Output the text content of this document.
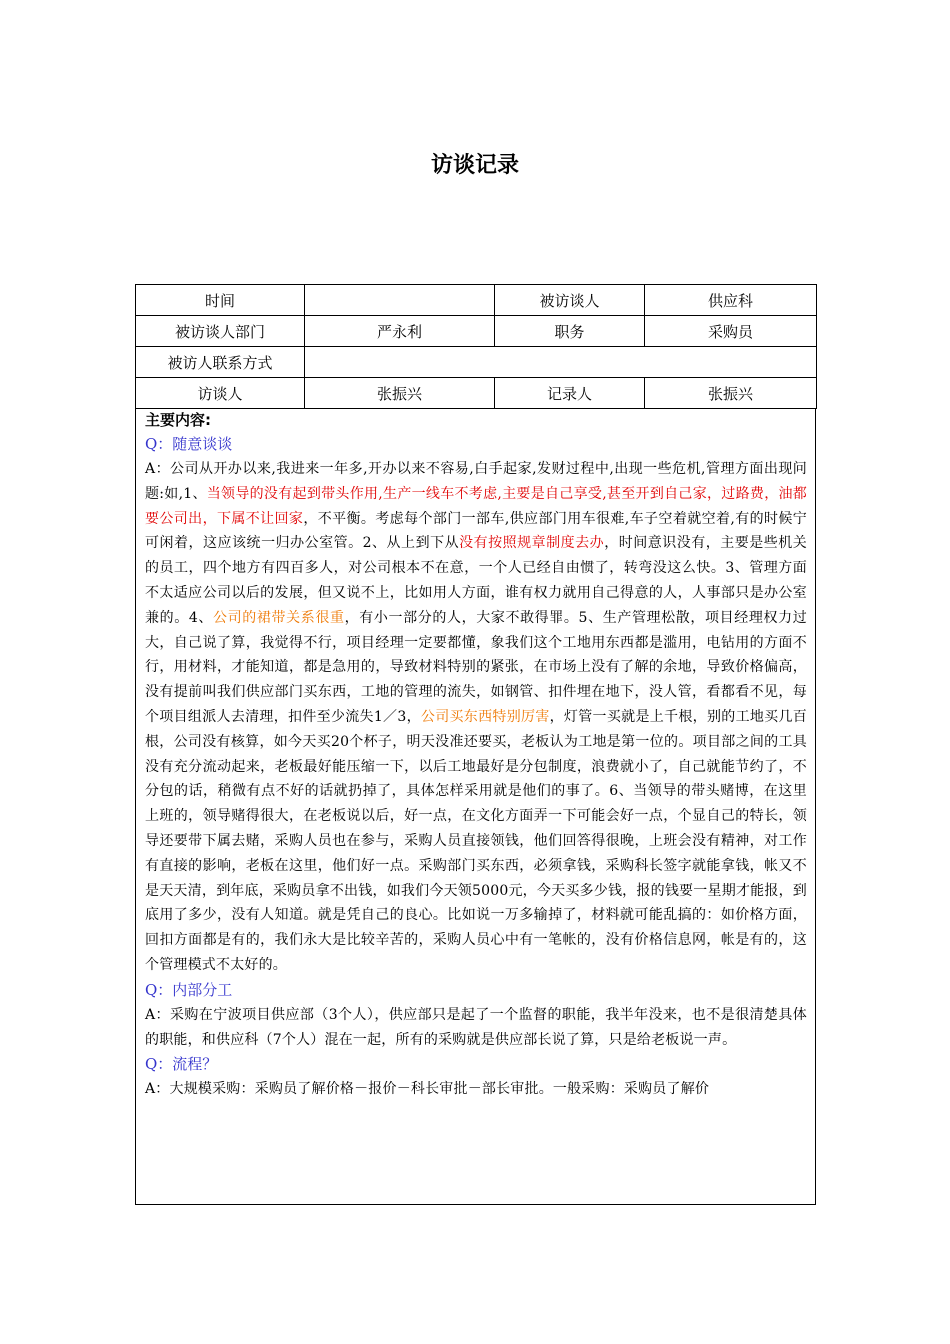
访谈记录
时间		被访谈人	供应科
被访谈人部门	严永利	职务	采购员
被访人联系方式			
访谈人	张振兴	记录人	张振兴
主要内容:
Q：随意谈谈
A：公司从开办以来,我进来一年多,开办以来不容易,白手起家,发财过程中,出现一些危机,管理方面出现问题:如,1、当领导的没有起到带头作用,生产一线车不考虑,主要是自己享受,甚至开到自己家，过路费，油都要公司出，下属不让回家，不平衡。考虑每个部门一部车,供应部门用车很难,车子空着就空着,有的时候宁可闲着，这应该统一归办公室管。2、从上到下从没有按照规章制度去办，时间意识没有，主要是些机关的员工，四个地方有四百多人，对公司根本不在意，一个人已经自由惯了，转弯没这么快。3、管理方面不太适应公司以后的发展，但又说不上，比如用人方面，谁有权力就用自己得意的人，人事部只是办公室兼的。4、公司的裙带关系很重，有小一部分的人，大家不敢得罪。5、生产管理松散，项目经理权力过大，自己说了算，我觉得不行，项目经理一定要都懂，象我们这个工地用东西都是滥用，电钻用的方面不行，用材料，才能知道，都是急用的，导致材料特别的紧张，在市场上没有了解的余地，导致价格偏高，没有提前叫我们供应部门买东西，工地的管理的流失，如钢管、扣件埋在地下，没人管，看都看不见，每个项目组派人去清理，扣件至少流失1／3，公司买东西特别厉害，灯管一买就是上千根，别的工地买几百根，公司没有核算，如今天买20个杯子，明天没准还要买，老板认为工地是第一位的。项目部之间的工具没有充分流动起来，老板最好能压缩一下，以后工地最好是分包制度，浪费就小了，自己就能节约了，不分包的话，稍微有点不好的话就扔掉了，具体怎样采用就是他们的事了。6、当领导的带头赌博，在这里上班的，领导赌得很大，在老板说以后，好一点，在文化方面弄一下可能会好一点，个显自己的特长，领导还要带下属去赌，采购人员也在参与，采购人员直接领钱，他们回答得很晚，上班会没有精神，对工作有直接的影响，老板在这里，他们好一点。采购部门买东西，必须拿钱，采购科长签字就能拿钱，帐又不是天天清，到年底，采购员拿不出钱，如我们今天领5000元，今天买多少钱，报的钱要一星期才能报，到底用了多少，没有人知道。就是凭自己的良心。比如说一万多输掉了，材料就可能乱搞的：如价格方面，回扣方面都是有的，我们永大是比较辛苦的，采购人员心中有一笔帐的，没有价格信息网，帐是有的，这个管理模式不太好的。
Q：内部分工
A：采购在宁波项目供应部（3个人），供应部只是起了一个监督的职能，我半年没来，也不是很清楚具体的职能，和供应科（7个人）混在一起，所有的采购就是供应部长说了算，只是给老板说一声。
Q：流程？
A：大规模采购：采购员了解价格－报价－科长审批－部长审批。一般采购：采购员了解价
